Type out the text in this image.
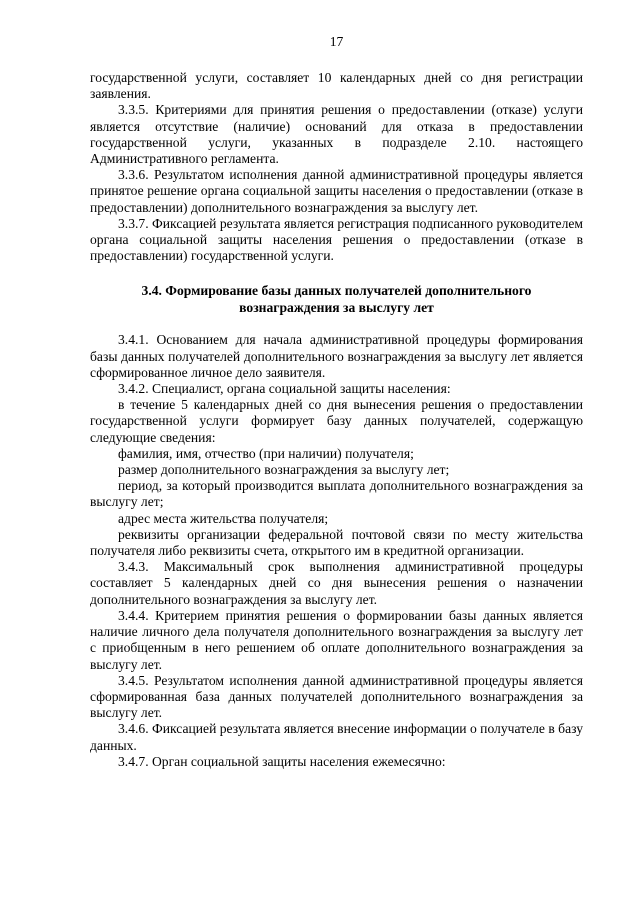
17

государственной услуги, составляет 10 календарных дней со дня регистрации заявления.

3.3.5. Критериями для принятия решения о предоставлении (отказе) услуги является отсутствие (наличие) оснований для отказа в предоставлении государственной услуги, указанных в подразделе 2.10. настоящего Административного регламента.

3.3.6. Результатом исполнения данной административной процедуры является принятое решение органа социальной защиты населения о предоставлении (отказе в предоставлении) дополнительного вознаграждения за выслугу лет.

3.3.7. Фиксацией результата является регистрация подписанного руководителем органа социальной защиты населения решения о предоставлении (отказе в предоставлении) государственной услуги.

3.4. Формирование базы данных получателей дополнительного
вознаграждения за выслугу лет

3.4.1. Основанием для начала административной процедуры формирования базы данных получателей дополнительного вознаграждения за выслугу лет является сформированное личное дело заявителя.

3.4.2. Специалист, органа социальной защиты населения:

в течение 5 календарных дней со дня вынесения решения о предоставлении государственной услуги формирует базу данных получателей, содержащую следующие сведения:

фамилия, имя, отчество (при наличии) получателя;

размер дополнительного вознаграждения за выслугу лет;

период, за который производится выплата дополнительного вознаграждения за выслугу лет;

адрес места жительства получателя;

реквизиты организации федеральной почтовой связи по месту жительства получателя либо реквизиты счета, открытого им в кредитной организации.

3.4.3. Максимальный срок выполнения административной процедуры составляет 5 календарных дней со дня вынесения решения о назначении дополнительного вознаграждения за выслугу лет.

3.4.4. Критерием принятия решения о формировании базы данных является наличие личного дела получателя дополнительного вознаграждения за выслугу лет с приобщенным в него решением об оплате дополнительного вознаграждения за выслугу лет.

3.4.5. Результатом исполнения данной административной процедуры является сформированная база данных получателей дополнительного вознаграждения за выслугу лет.

3.4.6. Фиксацией результата является внесение информации о получателе в базу данных.

3.4.7. Орган социальной защиты населения ежемесячно:
